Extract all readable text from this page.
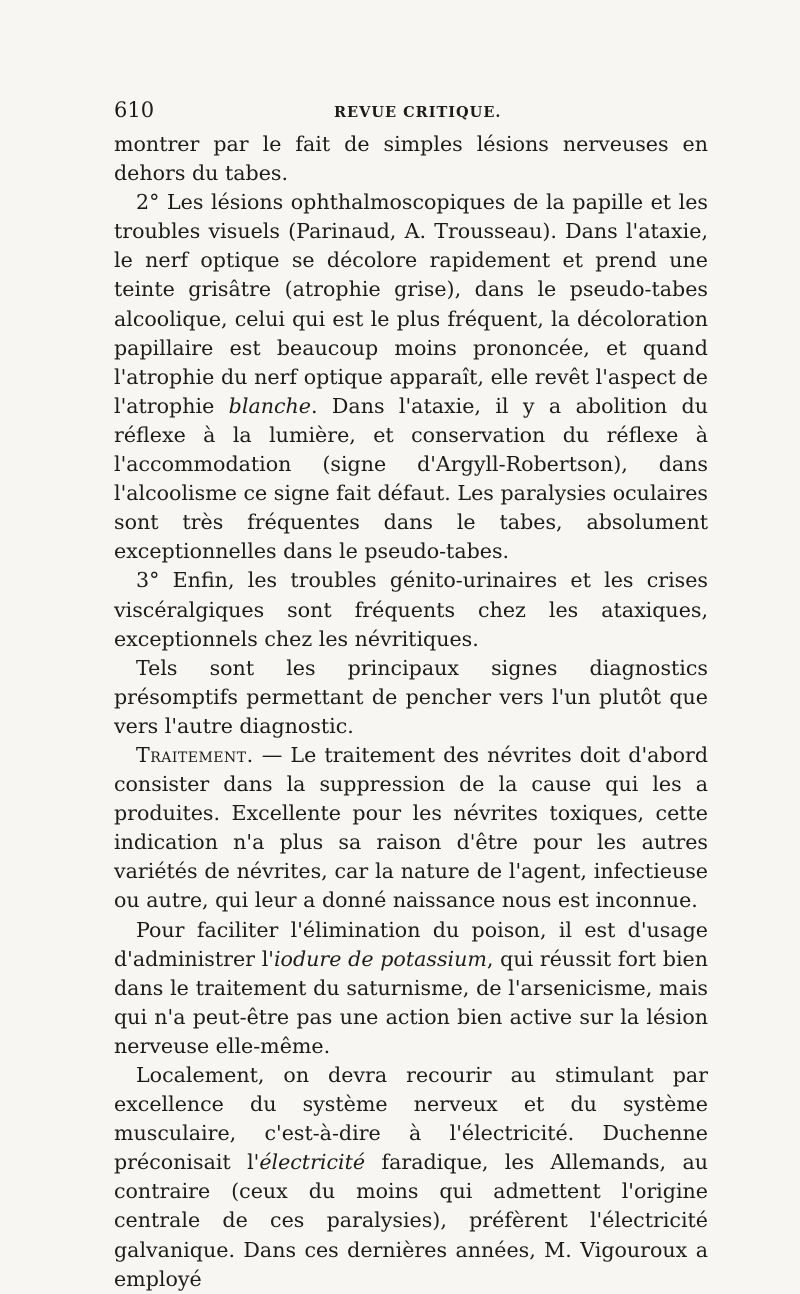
610	REVUE CRITIQUE.

montrer par le fait de simples lésions nerveuses en dehors du tabes.

2° Les lésions ophthalmoscopiques de la papille et les troubles visuels (Parinaud, A. Trousseau). Dans l'ataxie, le nerf optique se décolore rapidement et prend une teinte grisâtre (atrophie grise), dans le pseudo-tabes alcoolique, celui qui est le plus fréquent, la décoloration papillaire est beaucoup moins prononcée, et quand l'atrophie du nerf optique apparaît, elle revêt l'aspect de l'atrophie blanche. Dans l'ataxie, il y a abolition du réflexe à la lumière, et conservation du réflexe à l'accommodation (signe d'Argyll-Robertson), dans l'alcoolisme ce signe fait défaut. Les paralysies oculaires sont très fréquentes dans le tabes, absolument exceptionnelles dans le pseudo-tabes.

3° Enfin, les troubles génito-urinaires et les crises viscéralgiques sont fréquents chez les ataxiques, exceptionnels chez les névritiques.

Tels sont les principaux signes diagnostics présomptifs permettant de pencher vers l'un plutôt que vers l'autre diagnostic.

Traitement. — Le traitement des névrites doit d'abord consister dans la suppression de la cause qui les a produites. Excellente pour les névrites toxiques, cette indication n'a plus sa raison d'être pour les autres variétés de névrites, car la nature de l'agent, infectieuse ou autre, qui leur a donné naissance nous est inconnue.

Pour faciliter l'élimination du poison, il est d'usage d'administrer l'iodure de potassium, qui réussit fort bien dans le traitement du saturnisme, de l'arsenicisme, mais qui n'a peut-être pas une action bien active sur la lésion nerveuse elle-même.

Localement, on devra recourir au stimulant par excellence du système nerveux et du système musculaire, c'est-à-dire à l'électricité. Duchenne préconisait l'électricité faradique, les Allemands, au contraire (ceux du moins qui admettent l'origine centrale de ces paralysies), préfèrent l'électricité galvanique. Dans ces dernières années, M. Vigouroux a employé
